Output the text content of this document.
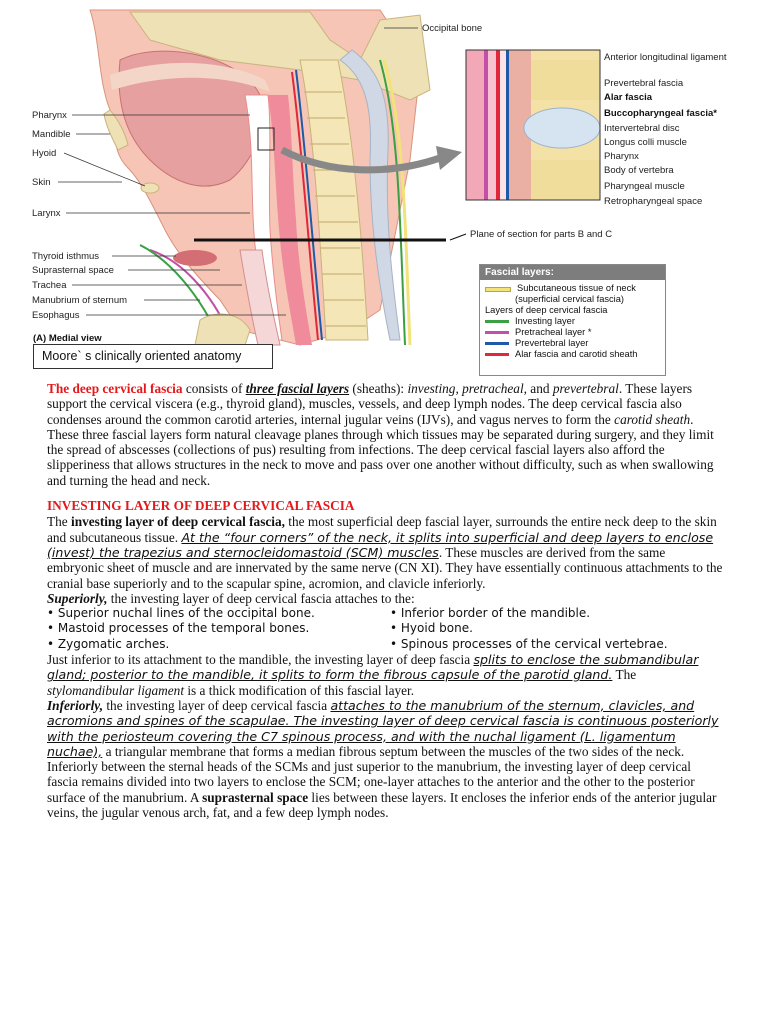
Pharynx
Mandible
Hyoid
Skin
Larynx
Thyroid isthmus
Suprasternal space
Trachea
Manubrium of sternum
Esophagus
Occipital bone
Anterior longitudinal ligament
Prevertebral fascia
Alar fascia
Buccopharyngeal fascia*
Intervertebral disc
Longus colli muscle
Pharynx
Body of vertebra
Pharyngeal muscle
Retropharyngeal space
Plane of section for parts B and C
(A) Medial view
Moore` s clinically oriented anatomy
Fascial layers:
Subcutaneous tissue of neck
(superficial cervical fascia)
Layers of deep cervical fascia
Investing layer
Pretracheal layer *
Prevertebral layer
Alar fascia and carotid sheath

The deep cervical fascia consists of three fascial layers (sheaths): investing, pretracheal, and prevertebral. These layers support the cervical viscera (e.g., thyroid gland), muscles, vessels, and deep lymph nodes. The deep cervical fascia also condenses around the common carotid arteries, internal jugular veins (IJVs), and vagus nerves to form the carotid sheath.

These three fascial layers form natural cleavage planes through which tissues may be separated during surgery, and they limit the spread of abscesses (collections of pus) resulting from infections. The deep cervical fascial layers also afford the slipperiness that allows structures in the neck to move and pass over one another without difficulty, such as when swallowing and turning the head and neck.

INVESTING LAYER OF DEEP CERVICAL FASCIA

The investing layer of deep cervical fascia, the most superficial deep fascial layer, surrounds the entire neck deep to the skin and subcutaneous tissue. At the “four corners” of the neck, it splits into superficial and deep layers to enclose (invest) the trapezius and sternocleidomastoid (SCM) muscles. These muscles are derived from the same embryonic sheet of muscle and are innervated by the same nerve (CN XI). They have essentially continuous attachments to the cranial base superiorly and to the scapular spine, acromion, and clavicle inferiorly.

Superiorly, the investing layer of deep cervical fascia attaches to the:

• Superior nuchal lines of the occipital bone.
• Mastoid processes of the temporal bones.
• Zygomatic arches.
• Inferior border of the mandible.
• Hyoid bone.
• Spinous processes of the cervical vertebrae.

Just inferior to its attachment to the mandible, the investing layer of deep fascia splits to enclose the submandibular gland; posterior to the mandible, it splits to form the fibrous capsule of the parotid gland. The stylomandibular ligament is a thick modification of this fascial layer.

Inferiorly, the investing layer of deep cervical fascia attaches to the manubrium of the sternum, clavicles, and acromions and spines of the scapulae. The investing layer of deep cervical fascia is continuous posteriorly with the periosteum covering the C7 spinous process, and with the nuchal ligament (L. ligamentum nuchae), a triangular membrane that forms a median fibrous septum between the muscles of the two sides of the neck. Inferiorly between the sternal heads of the SCMs and just superior to the manubrium, the investing layer of deep cervical fascia remains divided into two layers to enclose the SCM; one-layer attaches to the anterior and the other to the posterior surface of the manubrium. A suprasternal space lies between these layers. It encloses the inferior ends of the anterior jugular veins, the jugular venous arch, fat, and a few deep lymph nodes.
